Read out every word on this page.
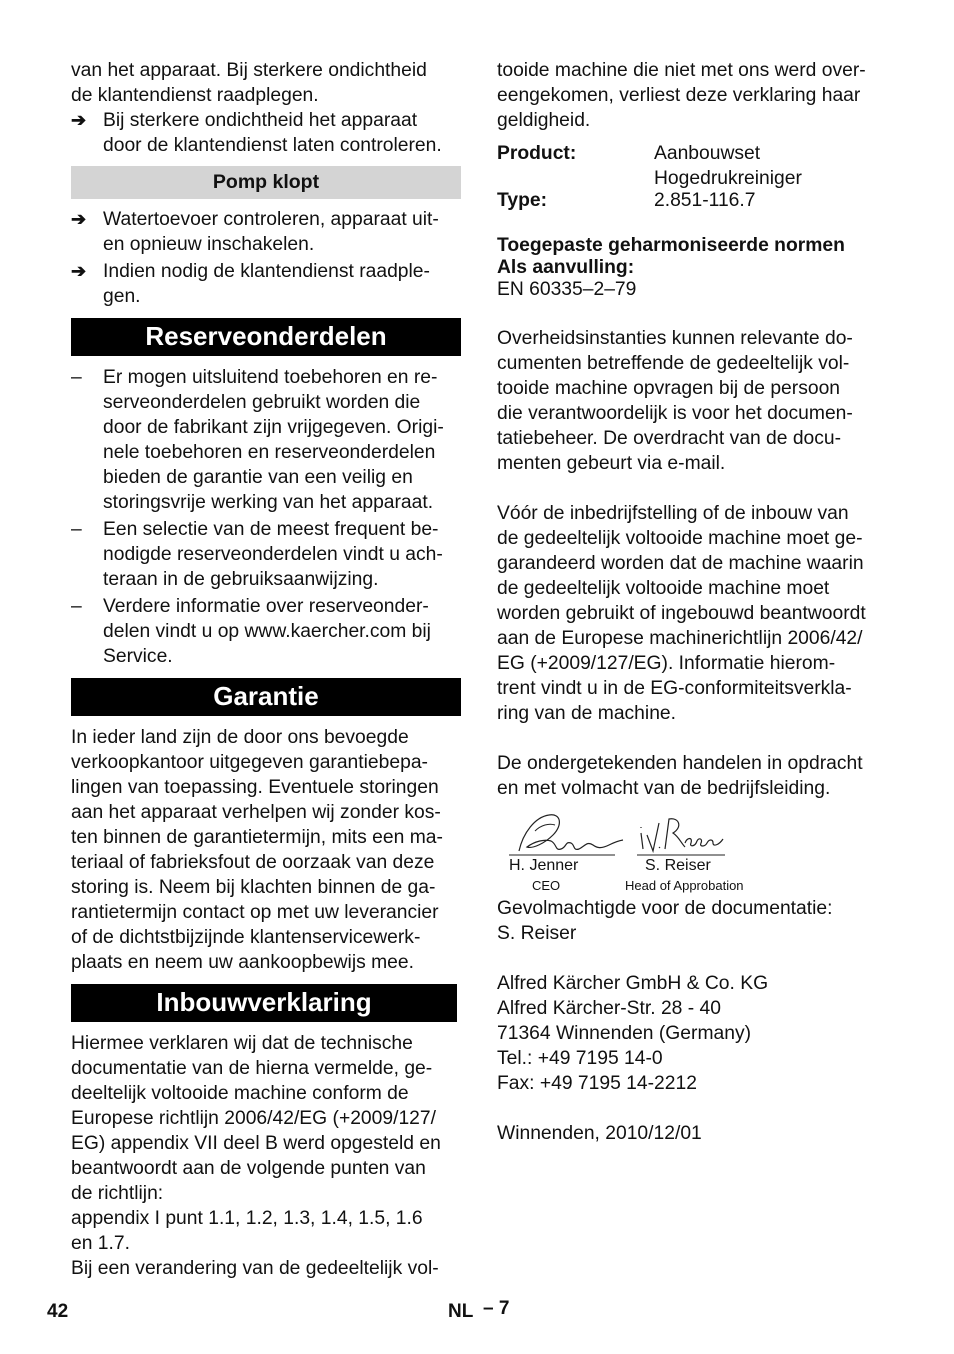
van het apparaat. Bij sterkere ondichtheid

de klantendienst raadplegen.

➔ Bij sterkere ondichtheid het apparaat

door de klantendienst laten controleren.

Pomp klopt
➔ Watertoevoer controleren, apparaat uit-

en opnieuw inschakelen.

➔ Indien nodig de klantendienst raadple-

gen.

Reserveonderdelen
– Er mogen uitsluitend toebehoren en re-

serveonderdelen gebruikt worden die

door de fabrikant zijn vrijgegeven. Origi-

nele toebehoren en reserveonderdelen

bieden de garantie van een veilig en

storingsvrije werking van het apparaat.

– Een selectie van de meest frequent be-

nodigde reserveonderdelen vindt u ach-

teraan in de gebruiksaanwijzing.

– Verdere informatie over reserveonder-

delen vindt u op www.kaercher.com bij

Service.

Garantie

In ieder land zijn de door ons bevoegde

verkoopkantoor uitgegeven garantiebepa-

lingen van toepassing. Eventuele storingen

aan het apparaat verhelpen wij zonder kos-

ten binnen de garantietermijn, mits een ma-

teriaal of fabrieksfout de oorzaak van deze

storing is. Neem bij klachten binnen de ga-

rantietermijn contact op met uw leverancier

of de dichtstbijzijnde klantenservicewerk-

plaats en neem uw aankoopbewijs mee.

Inbouwverklaring

Hiermee verklaren wij dat de technische

documentatie van de hierna vermelde, ge-

deeltelijk voltooide machine conform de

Europese richtlijn 2006/42/EG (+2009/127/

EG) appendix VII deel B werd opgesteld en

beantwoordt aan de volgende punten van

de richtlijn:

appendix I punt 1.1, 1.2, 1.3, 1.4, 1.5, 1.6

en 1.7.

Bij een verandering van de gedeeltelijk vol-

tooide machine die niet met ons werd over-

eengekomen, verliest deze verklaring haar

geldigheid.

Product:	Aanbouwset
Hogedrukreiniger
Type:	2.851-116.7
Toegepaste geharmoniseerde normen
Als aanvulling:
EN 60335–2–79

Overheidsinstanties kunnen relevante do-

cumenten betreffende de gedeeltelijk vol-

tooide machine opvragen bij de persoon

die verantwoordelijk is voor het documen-

tatiebeheer. De overdracht van de docu-

menten gebeurt via e-mail.

Vóór de inbedrijfstelling of de inbouw van

de gedeeltelijk voltooide machine moet ge-

garandeerd worden dat de machine waarin

de gedeeltelijk voltooide machine moet

worden gebruikt of ingebouwd beantwoordt

aan de Europese machinerichtlijn 2006/42/

EG (+2009/127/EG). Informatie hierom-

trent vindt u in de EG-conformiteitsverkla-

ring van de machine.

De ondergetekenden handelen in opdracht

en met volmacht van de bedrijfsleiding.

H. Jenner
CEO
S. Reiser
Head of Approbation

Gevolmachtigde voor de documentatie:

S. Reiser

Alfred Kärcher GmbH & Co. KG

Alfred Kärcher-Str. 28 - 40

71364 Winnenden (Germany)

Tel.: +49 7195 14-0

Fax: +49 7195 14-2212

Winnenden, 2010/12/01

42	NL – 7
